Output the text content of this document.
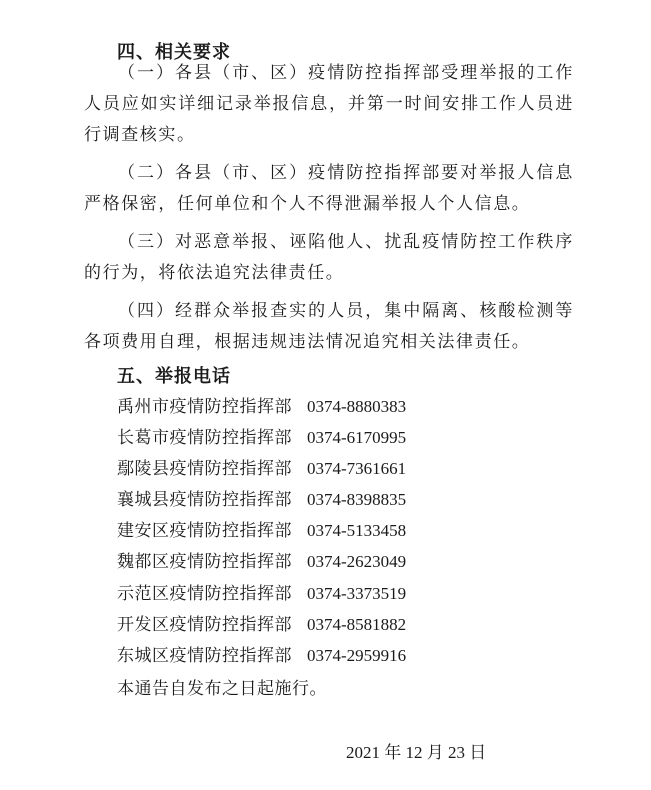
四、相关要求

（一）各县（市、区）疫情防控指挥部受理举报的工作人员应如实详细记录举报信息，并第一时间安排工作人员进行调查核实。

（二）各县（市、区）疫情防控指挥部要对举报人信息严格保密，任何单位和个人不得泄漏举报人个人信息。

（三）对恶意举报、诬陷他人、扰乱疫情防控工作秩序的行为，将依法追究法律责任。

（四）经群众举报查实的人员，集中隔离、核酸检测等各项费用自理，根据违规违法情况追究相关法律责任。

五、举报电话
禹州市疫情防控指挥部 0374-8880383
长葛市疫情防控指挥部 0374-6170995
鄢陵县疫情防控指挥部 0374-7361661
襄城县疫情防控指挥部 0374-8398835
建安区疫情防控指挥部 0374-5133458
魏都区疫情防控指挥部 0374-2623049
示范区疫情防控指挥部 0374-3373519
开发区疫情防控指挥部 0374-8581882
东城区疫情防控指挥部 0374-2959916
本通告自发布之日起施行。
2021 年 12 月 23 日
